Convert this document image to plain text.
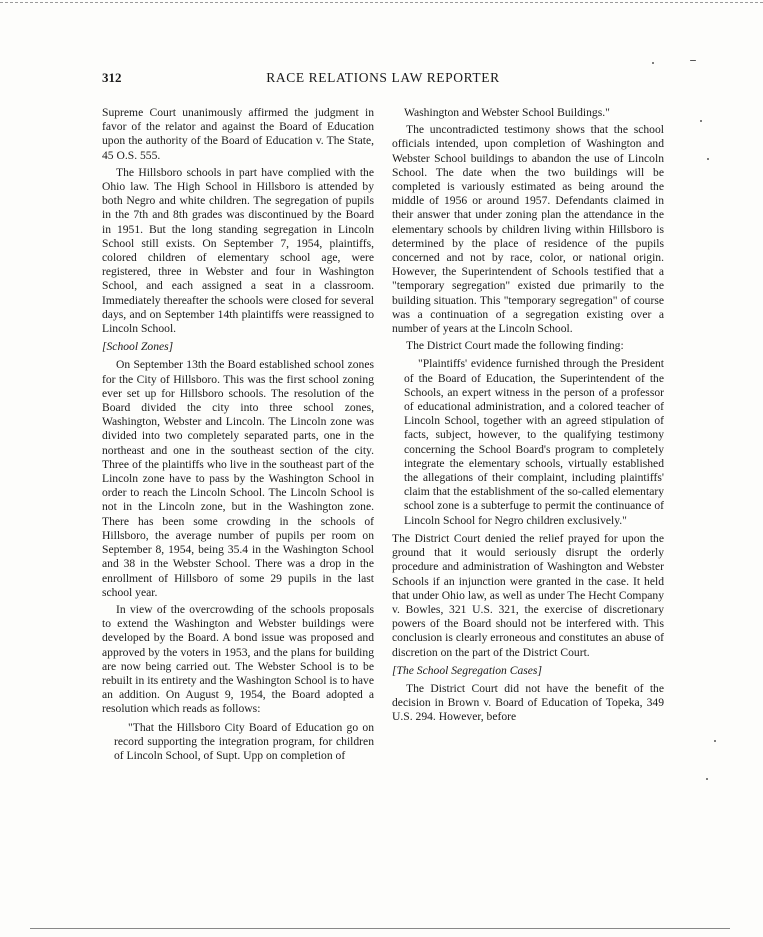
312	RACE RELATIONS LAW REPORTER

Supreme Court unanimously affirmed the judgment in favor of the relator and against the Board of Education upon the authority of the Board of Education v. The State, 45 O.S. 555.

The Hillsboro schools in part have complied with the Ohio law. The High School in Hillsboro is attended by both Negro and white children. The segregation of pupils in the 7th and 8th grades was discontinued by the Board in 1951. But the long standing segregation in Lincoln School still exists. On September 7, 1954, plaintiffs, colored children of elementary school age, were registered, three in Webster and four in Washington School, and each assigned a seat in a classroom. Immediately thereafter the schools were closed for several days, and on September 14th plaintiffs were reassigned to Lincoln School.

[School Zones]

On September 13th the Board established school zones for the City of Hillsboro. This was the first school zoning ever set up for Hillsboro schools. The resolution of the Board divided the city into three school zones, Washington, Webster and Lincoln. The Lincoln zone was divided into two completely separated parts, one in the northeast and one in the southeast section of the city. Three of the plaintiffs who live in the southeast part of the Lincoln zone have to pass by the Washington School in order to reach the Lincoln School. The Lincoln School is not in the Lincoln zone, but in the Washington zone. There has been some crowding in the schools of Hillsboro, the average number of pupils per room on September 8, 1954, being 35.4 in the Washington School and 38 in the Webster School. There was a drop in the enrollment of Hillsboro of some 29 pupils in the last school year.

In view of the overcrowding of the schools proposals to extend the Washington and Webster buildings were developed by the Board. A bond issue was proposed and approved by the voters in 1953, and the plans for building are now being carried out. The Webster School is to be rebuilt in its entirety and the Washington School is to have an addition. On August 9, 1954, the Board adopted a resolution which reads as follows:

"That the Hillsboro City Board of Education go on record supporting the integration program, for children of Lincoln School, of Supt. Upp on completion of

Washington and Webster School Buildings."

The uncontradicted testimony shows that the school officials intended, upon completion of Washington and Webster School buildings to abandon the use of Lincoln School. The date when the two buildings will be completed is variously estimated as being around the middle of 1956 or around 1957. Defendants claimed in their answer that under zoning plan the attendance in the elementary schools by children living within Hillsboro is determined by the place of residence of the pupils concerned and not by race, color, or national origin. However, the Superintendent of Schools testified that a "temporary segregation" existed due primarily to the building situation. This "temporary segregation" of course was a continuation of a segregation existing over a number of years at the Lincoln School.

The District Court made the following finding:

"Plaintiffs' evidence furnished through the President of the Board of Education, the Superintendent of the Schools, an expert witness in the person of a professor of educational administration, and a colored teacher of Lincoln School, together with an agreed stipulation of facts, subject, however, to the qualifying testimony concerning the School Board's program to completely integrate the elementary schools, virtually established the allegations of their complaint, including plaintiffs' claim that the establishment of the so-called elementary school zone is a subterfuge to permit the continuance of Lincoln School for Negro children exclusively."

The District Court denied the relief prayed for upon the ground that it would seriously disrupt the orderly procedure and administration of Washington and Webster Schools if an injunction were granted in the case. It held that under Ohio law, as well as under The Hecht Company v. Bowles, 321 U.S. 321, the exercise of discretionary powers of the Board should not be interfered with. This conclusion is clearly erroneous and constitutes an abuse of discretion on the part of the District Court.

[The School Segregation Cases]

The District Court did not have the benefit of the decision in Brown v. Board of Education of Topeka, 349 U.S. 294. However, before
